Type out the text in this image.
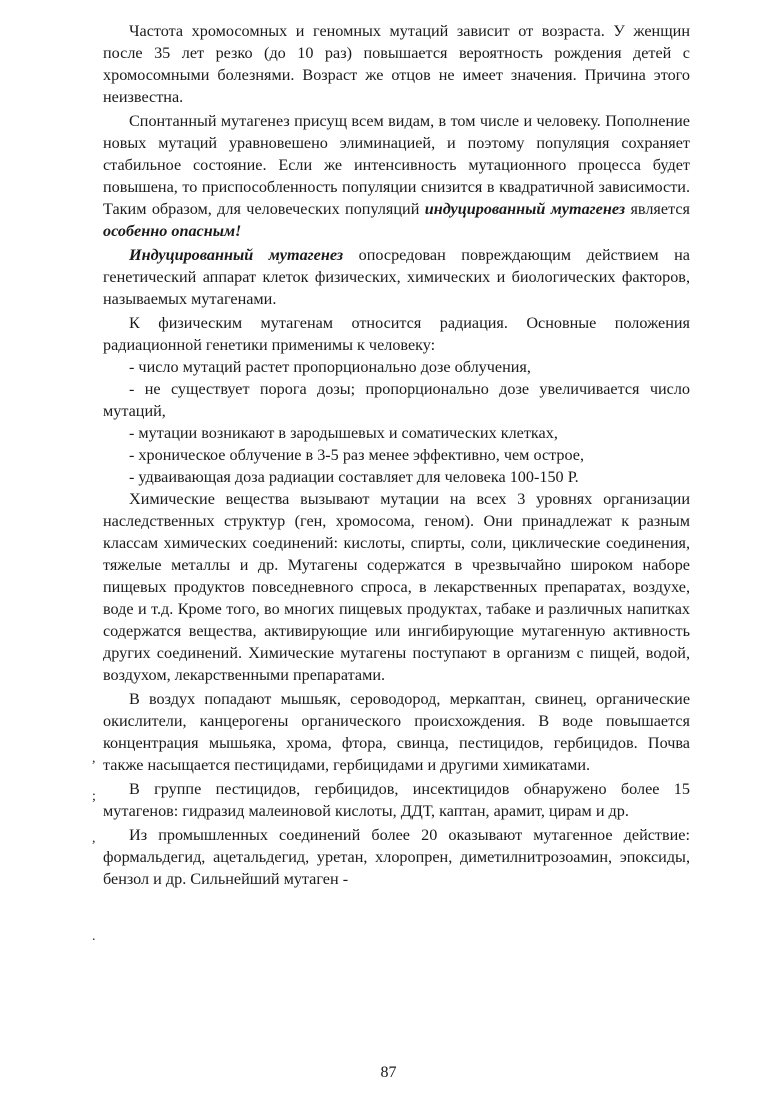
Частота хромосомных и геномных мутаций зависит от возраста. У женщин после 35 лет резко (до 10 раз) повышается вероятность рождения детей с хромосомными болезнями. Возраст же отцов не имеет значения. Причина этого неизвестна.

Спонтанный мутагенез присущ всем видам, в том числе и человеку. Пополнение новых мутаций уравновешено элиминацией, и поэтому популяция сохраняет стабильное состояние. Если же интенсивность мутационного процесса будет повышена, то приспособленность популяции снизится в квадратичной зависимости. Таким образом, для человеческих популяций индуцированный мутагенез является особенно опасным!

Индуцированный мутагенез опосредован повреждающим действием на генетический аппарат клеток физических, химических и биологических факторов, называемых мутагенами.

К физическим мутагенам относится радиация. Основные положения радиационной генетики применимы к человеку:

- число мутаций растет пропорционально дозе облучения,

- не существует порога дозы; пропорционально дозе увеличивается число мутаций,

- мутации возникают в зародышевых и соматических клетках,

- хроническое облучение в 3-5 раз менее эффективно, чем острое,

- удваивающая доза радиации составляет для человека 100-150 Р.

Химические вещества вызывают мутации на всех 3 уровнях организации наследственных структур (ген, хромосома, геном). Они принадлежат к разным классам химических соединений: кислоты, спирты, соли, циклические соединения, тяжелые металлы и др. Мутагены содержатся в чрезвычайно широком наборе пищевых продуктов повседневного спроса, в лекарственных препаратах, воздухе, воде и т.д. Кроме того, во многих пищевых продуктах, табаке и различных напитках содержатся вещества, активирующие или ингибирующие мутагенную активность других соединений. Химические мутагены поступают в организм с пищей, водой, воздухом, лекарственными препаратами.

В воздух попадают мышьяк, сероводород, меркаптан, свинец, органические окислители, канцерогены органического происхождения. В воде повышается концентрация мышьяка, хрома, фтора, свинца, пестицидов, гербицидов. Почва также насыщается пестицидами, гербицидами и другими химикатами.

В группе пестицидов, гербицидов, инсектицидов обнаружено более 15 мутагенов: гидразид малеиновой кислоты, ДДТ, каптан, арамит, цирам и др.

Из промышленных соединений более 20 оказывают мутагенное действие: формальдегид, ацетальдегид, уретан, хлоропрен, диметилнитрозоамин, эпоксиды, бензол и др. Сильнейший мутаген -

,
;
,
.
87
